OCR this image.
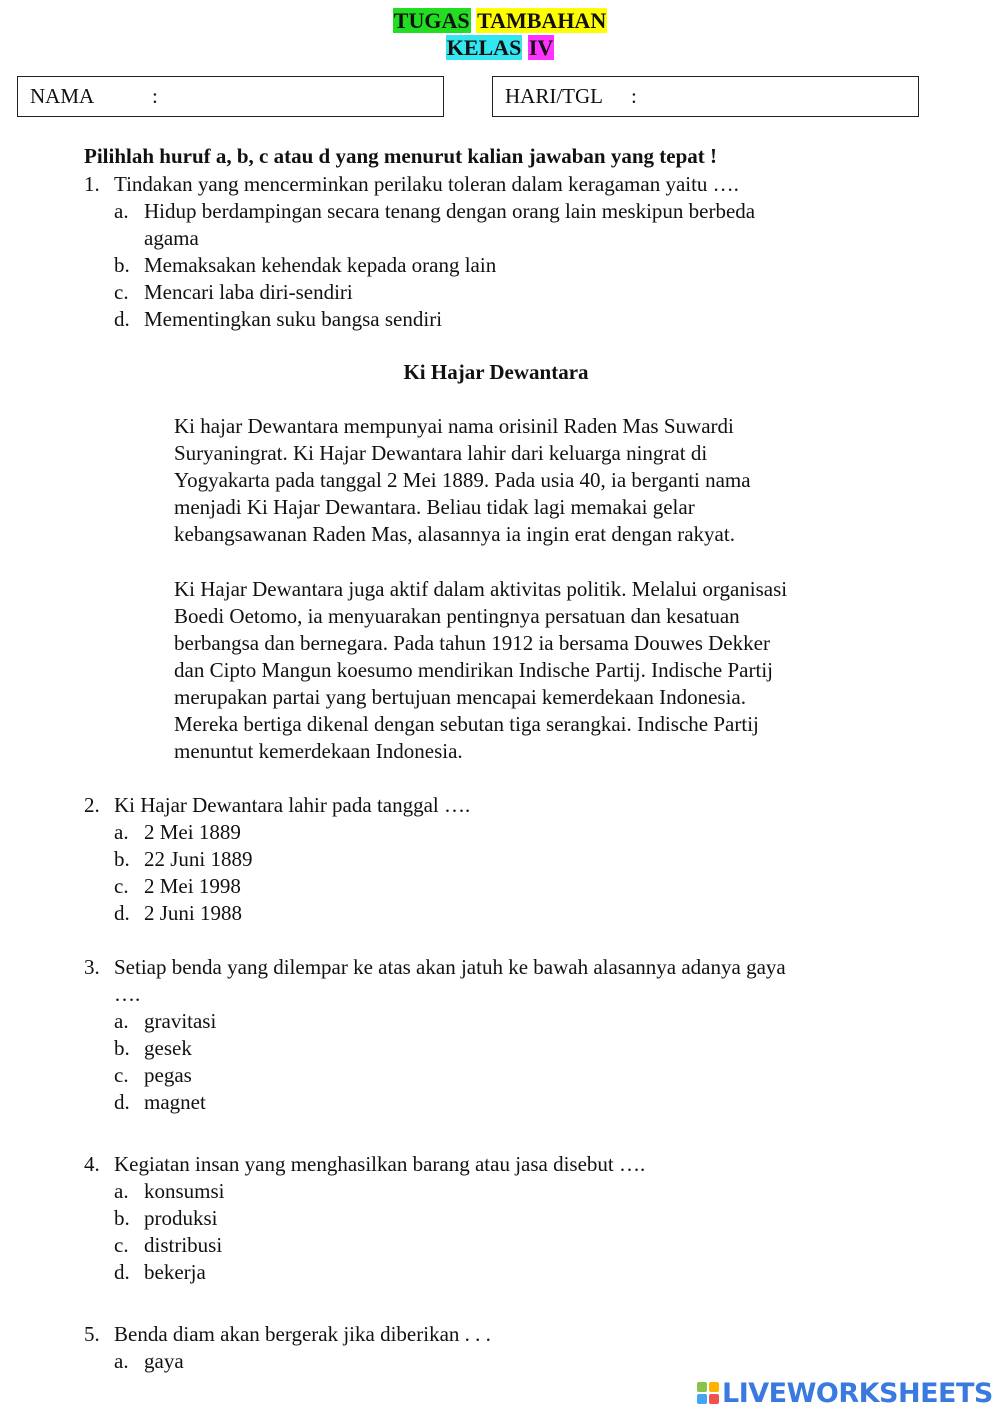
TUGAS TAMBAHAN
KELAS IV
NAMA	:	HARI/TGL :
Pilihlah huruf a, b, c atau d yang menurut kalian jawaban yang tepat !
1. Tindakan yang mencerminkan perilaku toleran dalam keragaman yaitu ….
a. Hidup berdampingan secara tenang dengan orang lain meskipun berbeda
agama
b. Memaksakan kehendak kepada orang lain
c. Mencari laba diri-sendiri
d. Mementingkan suku bangsa sendiri
Ki Hajar Dewantara
Ki hajar Dewantara mempunyai nama orisinil Raden Mas Suwardi
Suryaningrat. Ki Hajar Dewantara lahir dari keluarga ningrat di
Yogyakarta pada tanggal 2 Mei 1889. Pada usia 40, ia berganti nama
menjadi Ki Hajar Dewantara. Beliau tidak lagi memakai gelar
kebangsawanan Raden Mas, alasannya ia ingin erat dengan rakyat.
Ki Hajar Dewantara juga aktif dalam aktivitas politik. Melalui organisasi
Boedi Oetomo, ia menyuarakan pentingnya persatuan dan kesatuan
berbangsa dan bernegara. Pada tahun 1912 ia bersama Douwes Dekker
dan Cipto Mangun koesumo mendirikan Indische Partij. Indische Partij
merupakan partai yang bertujuan mencapai kemerdekaan Indonesia.
Mereka bertiga dikenal dengan sebutan tiga serangkai. Indische Partij
menuntut kemerdekaan Indonesia.
2. Ki Hajar Dewantara lahir pada tanggal ….
a. 2 Mei 1889
b. 22 Juni 1889
c. 2 Mei 1998
d. 2 Juni 1988
3. Setiap benda yang dilempar ke atas akan jatuh ke bawah alasannya adanya gaya
….
a. gravitasi
b. gesek
c. pegas
d. magnet
4. Kegiatan insan yang menghasilkan barang atau jasa disebut ….
a. konsumsi
b. produksi
c. distribusi
d. bekerja
5. Benda diam akan bergerak jika diberikan . . .
a. gaya
LIVEWORKSHEETS
